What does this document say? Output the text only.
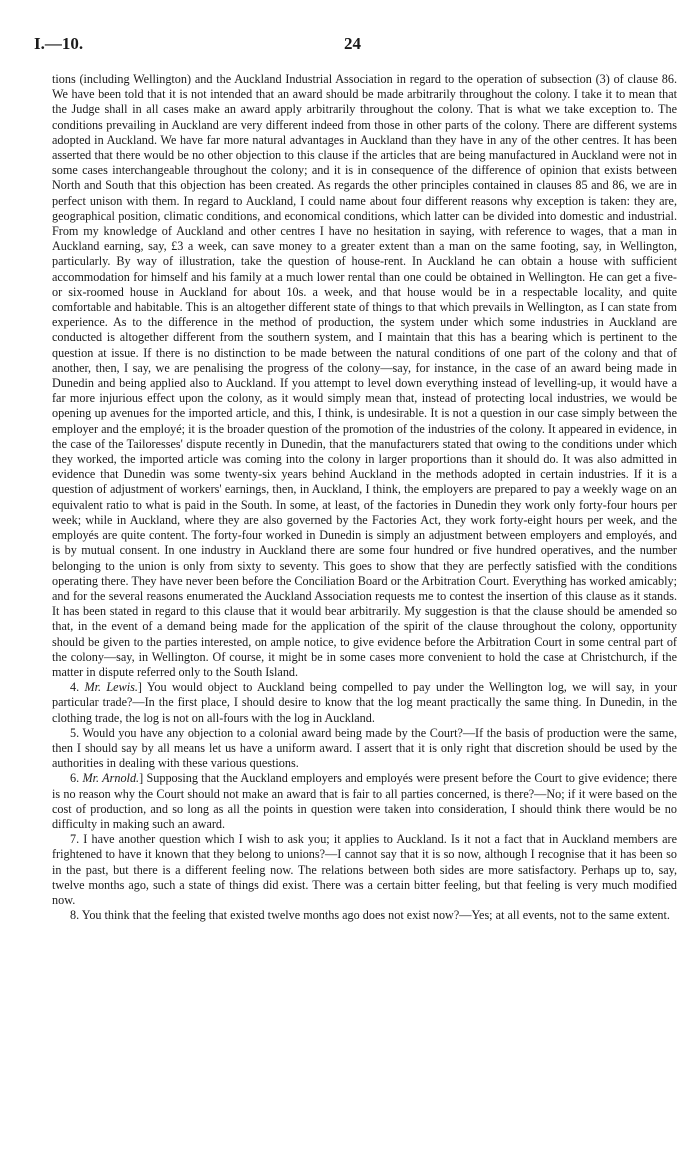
I.—10.	24

tions (including Wellington) and the Auckland Industrial Association in regard to the operation of subsection (3) of clause 86. We have been told that it is not intended that an award should be made arbitrarily throughout the colony. I take it to mean that the Judge shall in all cases make an award apply arbitrarily throughout the colony. That is what we take exception to. The conditions prevailing in Auckland are very different indeed from those in other parts of the colony. There are different systems adopted in Auckland. We have far more natural advantages in Auckland than they have in any of the other centres. It has been asserted that there would be no other objection to this clause if the articles that are being manufactured in Auckland were not in some cases interchangeable throughout the colony; and it is in consequence of the difference of opinion that exists between North and South that this objection has been created. As regards the other principles contained in clauses 85 and 86, we are in perfect unison with them. In regard to Auckland, I could name about four different reasons why exception is taken: they are, geographical position, climatic conditions, and economical conditions, which latter can be divided into domestic and industrial. From my knowledge of Auckland and other centres I have no hesitation in saying, with reference to wages, that a man in Auckland earning, say, £3 a week, can save money to a greater extent than a man on the same footing, say, in Wellington, particularly. By way of illustration, take the question of house-rent. In Auckland he can obtain a house with sufficient accommodation for himself and his family at a much lower rental than one could be obtained in Wellington. He can get a five- or six-roomed house in Auckland for about 10s. a week, and that house would be in a respectable locality, and quite comfortable and habitable. This is an altogether different state of things to that which prevails in Wellington, as I can state from experience. As to the difference in the method of production, the system under which some industries in Auckland are conducted is altogether different from the southern system, and I maintain that this has a bearing which is pertinent to the question at issue. If there is no distinction to be made between the natural conditions of one part of the colony and that of another, then, I say, we are penalising the progress of the colony—say, for instance, in the case of an award being made in Dunedin and being applied also to Auckland. If you attempt to level down everything instead of levelling-up, it would have a far more injurious effect upon the colony, as it would simply mean that, instead of protecting local industries, we would be opening up avenues for the imported article, and this, I think, is undesirable. It is not a question in our case simply between the employer and the employé; it is the broader question of the promotion of the industries of the colony. It appeared in evidence, in the case of the Tailoresses' dispute recently in Dunedin, that the manufacturers stated that owing to the conditions under which they worked, the imported article was coming into the colony in larger proportions than it should do. It was also admitted in evidence that Dunedin was some twenty-six years behind Auckland in the methods adopted in certain industries. If it is a question of adjustment of workers' earnings, then, in Auckland, I think, the employers are prepared to pay a weekly wage on an equivalent ratio to what is paid in the South. In some, at least, of the factories in Dunedin they work only forty-four hours per week; while in Auckland, where they are also governed by the Factories Act, they work forty-eight hours per week, and the employés are quite content. The forty-four worked in Dunedin is simply an adjustment between employers and employés, and is by mutual consent. In one industry in Auckland there are some four hundred or five hundred operatives, and the number belonging to the union is only from sixty to seventy. This goes to show that they are perfectly satisfied with the conditions operating there. They have never been before the Conciliation Board or the Arbitration Court. Everything has worked amicably; and for the several reasons enumerated the Auckland Association requests me to contest the insertion of this clause as it stands. It has been stated in regard to this clause that it would bear arbitrarily. My suggestion is that the clause should be amended so that, in the event of a demand being made for the application of the spirit of the clause throughout the colony, opportunity should be given to the parties interested, on ample notice, to give evidence before the Arbitration Court in some central part of the colony—say, in Wellington. Of course, it might be in some cases more convenient to hold the case at Christchurch, if the matter in dispute referred only to the South Island.

4. Mr. Lewis.] You would object to Auckland being compelled to pay under the Wellington log, we will say, in your particular trade?—In the first place, I should desire to know that the log meant practically the same thing. In Dunedin, in the clothing trade, the log is not on all-fours with the log in Auckland.

5. Would you have any objection to a colonial award being made by the Court?—If the basis of production were the same, then I should say by all means let us have a uniform award. I assert that it is only right that discretion should be used by the authorities in dealing with these various questions.

6. Mr. Arnold.] Supposing that the Auckland employers and employés were present before the Court to give evidence; there is no reason why the Court should not make an award that is fair to all parties concerned, is there?—No; if it were based on the cost of production, and so long as all the points in question were taken into consideration, I should think there would be no difficulty in making such an award.

7. I have another question which I wish to ask you; it applies to Auckland. Is it not a fact that in Auckland members are frightened to have it known that they belong to unions?—I cannot say that it is so now, although I recognise that it has been so in the past, but there is a different feeling now. The relations between both sides are more satisfactory. Perhaps up to, say, twelve months ago, such a state of things did exist. There was a certain bitter feeling, but that feeling is very much modified now.

8. You think that the feeling that existed twelve months ago does not exist now?—Yes; at all events, not to the same extent.
